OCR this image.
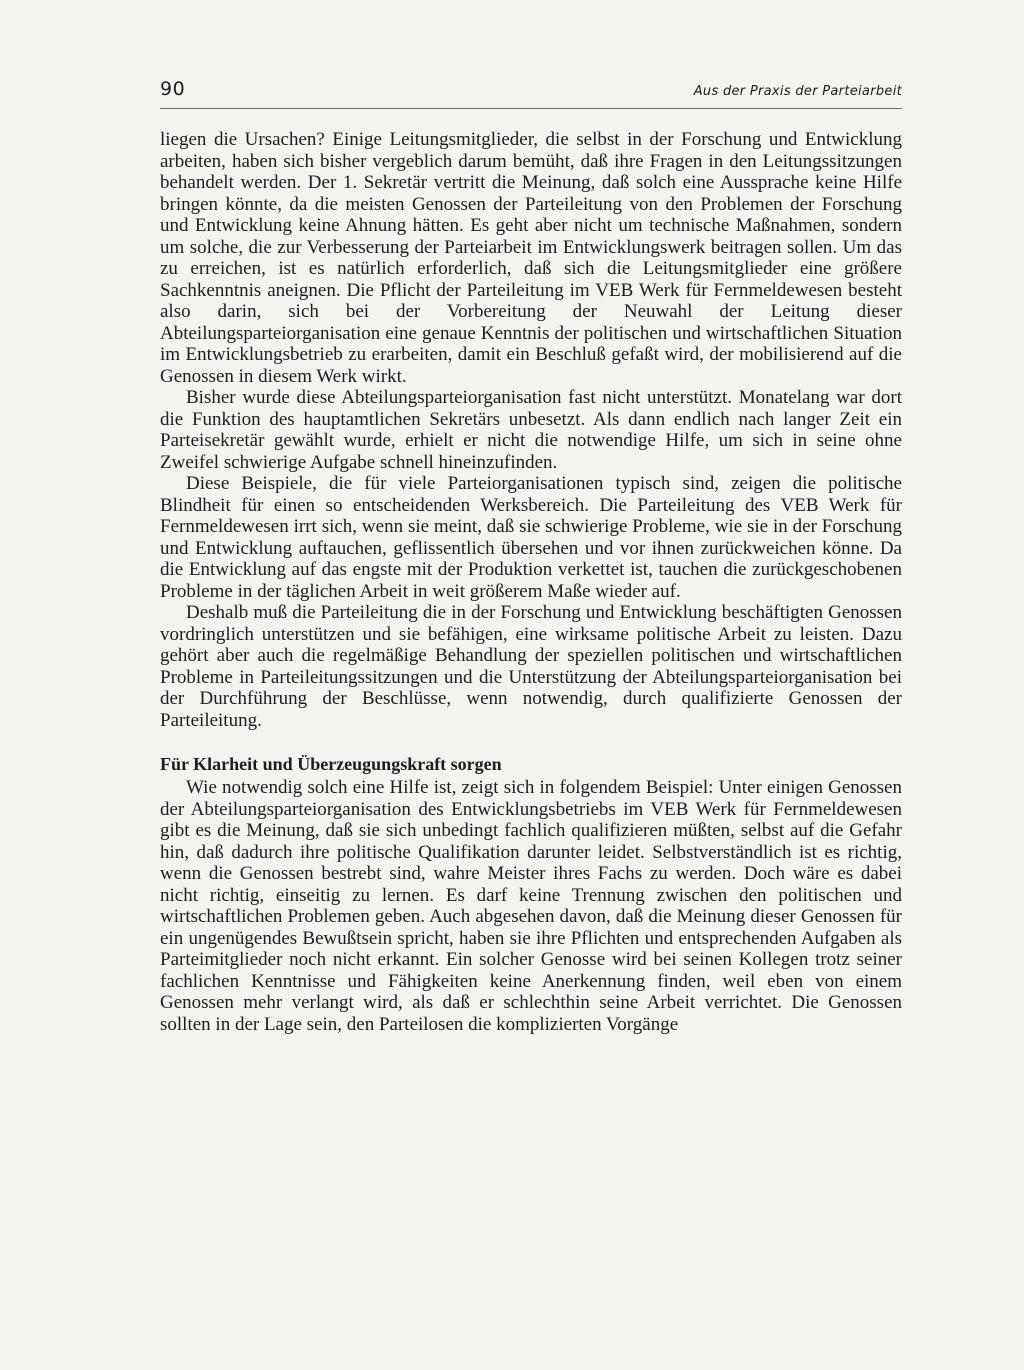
90	Aus der Praxis der Parteiarbeit

liegen die Ursachen? Einige Leitungsmitglieder, die selbst in der Forschung und Entwicklung arbeiten, haben sich bisher vergeblich darum bemüht, daß ihre Fragen in den Leitungssitzungen behandelt werden. Der 1. Sekretär vertritt die Meinung, daß solch eine Aussprache keine Hilfe bringen könnte, da die meisten Genossen der Parteileitung von den Problemen der Forschung und Entwicklung keine Ahnung hätten. Es geht aber nicht um technische Maßnahmen, sondern um solche, die zur Verbesserung der Parteiarbeit im Entwicklungswerk beitragen sollen. Um das zu erreichen, ist es natürlich erforderlich, daß sich die Leitungsmitglieder eine größere Sachkenntnis aneignen. Die Pflicht der Parteileitung im VEB Werk für Fernmeldewesen besteht also darin, sich bei der Vorbereitung der Neuwahl der Leitung dieser Abteilungsparteiorganisation eine genaue Kenntnis der politischen und wirtschaftlichen Situation im Entwicklungsbetrieb zu erarbeiten, damit ein Beschluß gefaßt wird, der mobilisierend auf die Genossen in diesem Werk wirkt.

Bisher wurde diese Abteilungsparteiorganisation fast nicht unterstützt. Monatelang war dort die Funktion des hauptamtlichen Sekretärs unbesetzt. Als dann endlich nach langer Zeit ein Parteisekretär gewählt wurde, erhielt er nicht die notwendige Hilfe, um sich in seine ohne Zweifel schwierige Aufgabe schnell hineinzufinden.

Diese Beispiele, die für viele Parteiorganisationen typisch sind, zeigen die politische Blindheit für einen so entscheidenden Werksbereich. Die Parteileitung des VEB Werk für Fernmeldewesen irrt sich, wenn sie meint, daß sie schwierige Probleme, wie sie in der Forschung und Entwicklung auftauchen, geflissentlich übersehen und vor ihnen zurückweichen könne. Da die Entwicklung auf das engste mit der Produktion verkettet ist, tauchen die zurückgeschobenen Probleme in der täglichen Arbeit in weit größerem Maße wieder auf.

Deshalb muß die Parteileitung die in der Forschung und Entwicklung beschäftigten Genossen vordringlich unterstützen und sie befähigen, eine wirksame politische Arbeit zu leisten. Dazu gehört aber auch die regelmäßige Behandlung der speziellen politischen und wirtschaftlichen Probleme in Parteileitungssitzungen und die Unterstützung der Abteilungsparteiorganisation bei der Durchführung der Beschlüsse, wenn notwendig, durch qualifizierte Genossen der Parteileitung.

Für Klarheit und Überzeugungskraft sorgen

Wie notwendig solch eine Hilfe ist, zeigt sich in folgendem Beispiel: Unter einigen Genossen der Abteilungsparteiorganisation des Entwicklungsbetriebs im VEB Werk für Fernmeldewesen gibt es die Meinung, daß sie sich unbedingt fachlich qualifizieren müßten, selbst auf die Gefahr hin, daß dadurch ihre politische Qualifikation darunter leidet. Selbstverständlich ist es richtig, wenn die Genossen bestrebt sind, wahre Meister ihres Fachs zu werden. Doch wäre es dabei nicht richtig, einseitig zu lernen. Es darf keine Trennung zwischen den politischen und wirtschaftlichen Problemen geben. Auch abgesehen davon, daß die Meinung dieser Genossen für ein ungenügendes Bewußtsein spricht, haben sie ihre Pflichten und entsprechenden Aufgaben als Parteimitglieder noch nicht erkannt. Ein solcher Genosse wird bei seinen Kollegen trotz seiner fachlichen Kenntnisse und Fähigkeiten keine Anerkennung finden, weil eben von einem Genossen mehr verlangt wird, als daß er schlechthin seine Arbeit verrichtet. Die Genossen sollten in der Lage sein, den Parteilosen die komplizierten Vorgänge
